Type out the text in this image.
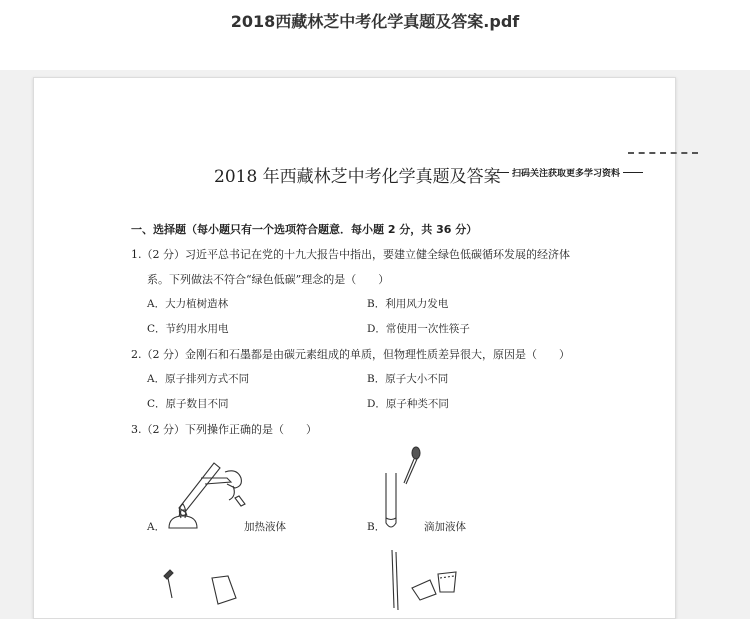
2018西藏林芝中考化学真题及答案.pdf
2018 年西藏林芝中考化学真题及答案 扫码关注获取更多学习资料
一、选择题（每小题只有一个选项符合题意．每小题 2 分，共 36 分）
1.（2 分）习近平总书记在党的十九大报告中指出，要建立健全绿色低碳循环发展的经济体
系。下列做法不符合“绿色低碳”理念的是（　　）
A．大力植树造林	B．利用风力发电
C．节约用水用电	D．常使用一次性筷子
2.（2 分）金刚石和石墨都是由碳元素组成的单质，但物理性质差异很大，原因是（　　）
A．原子排列方式不同	B．原子大小不同
C．原子数目不同	D．原子种类不同
3.（2 分）下列操作正确的是（　　）
A．	加热液体	B．	滴加液体
